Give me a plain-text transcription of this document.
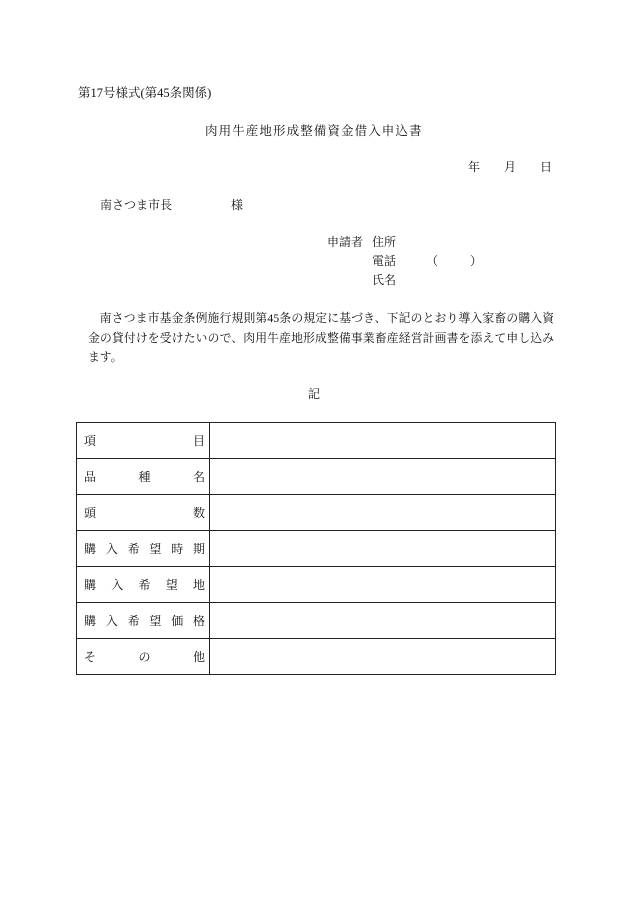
第17号様式(第45条関係)
肉用牛産地形成整備資金借入申込書
年　　月　　日
南さつま市長	様
申請者 住所
電話 （　　　）
氏名
南さつま市基金条例施行規則第45条の規定に基づき、下記のとおり導入家畜の購入資金の貸付けを受けたいので、肉用牛産地形成整備事業畜産経営計画書を添えて申し込みます。
記
項	目
品	種	名
頭	数
購 入 希 望 時 期
購 入 希 望 地
購 入 希 望 価 格
そ	の	他
